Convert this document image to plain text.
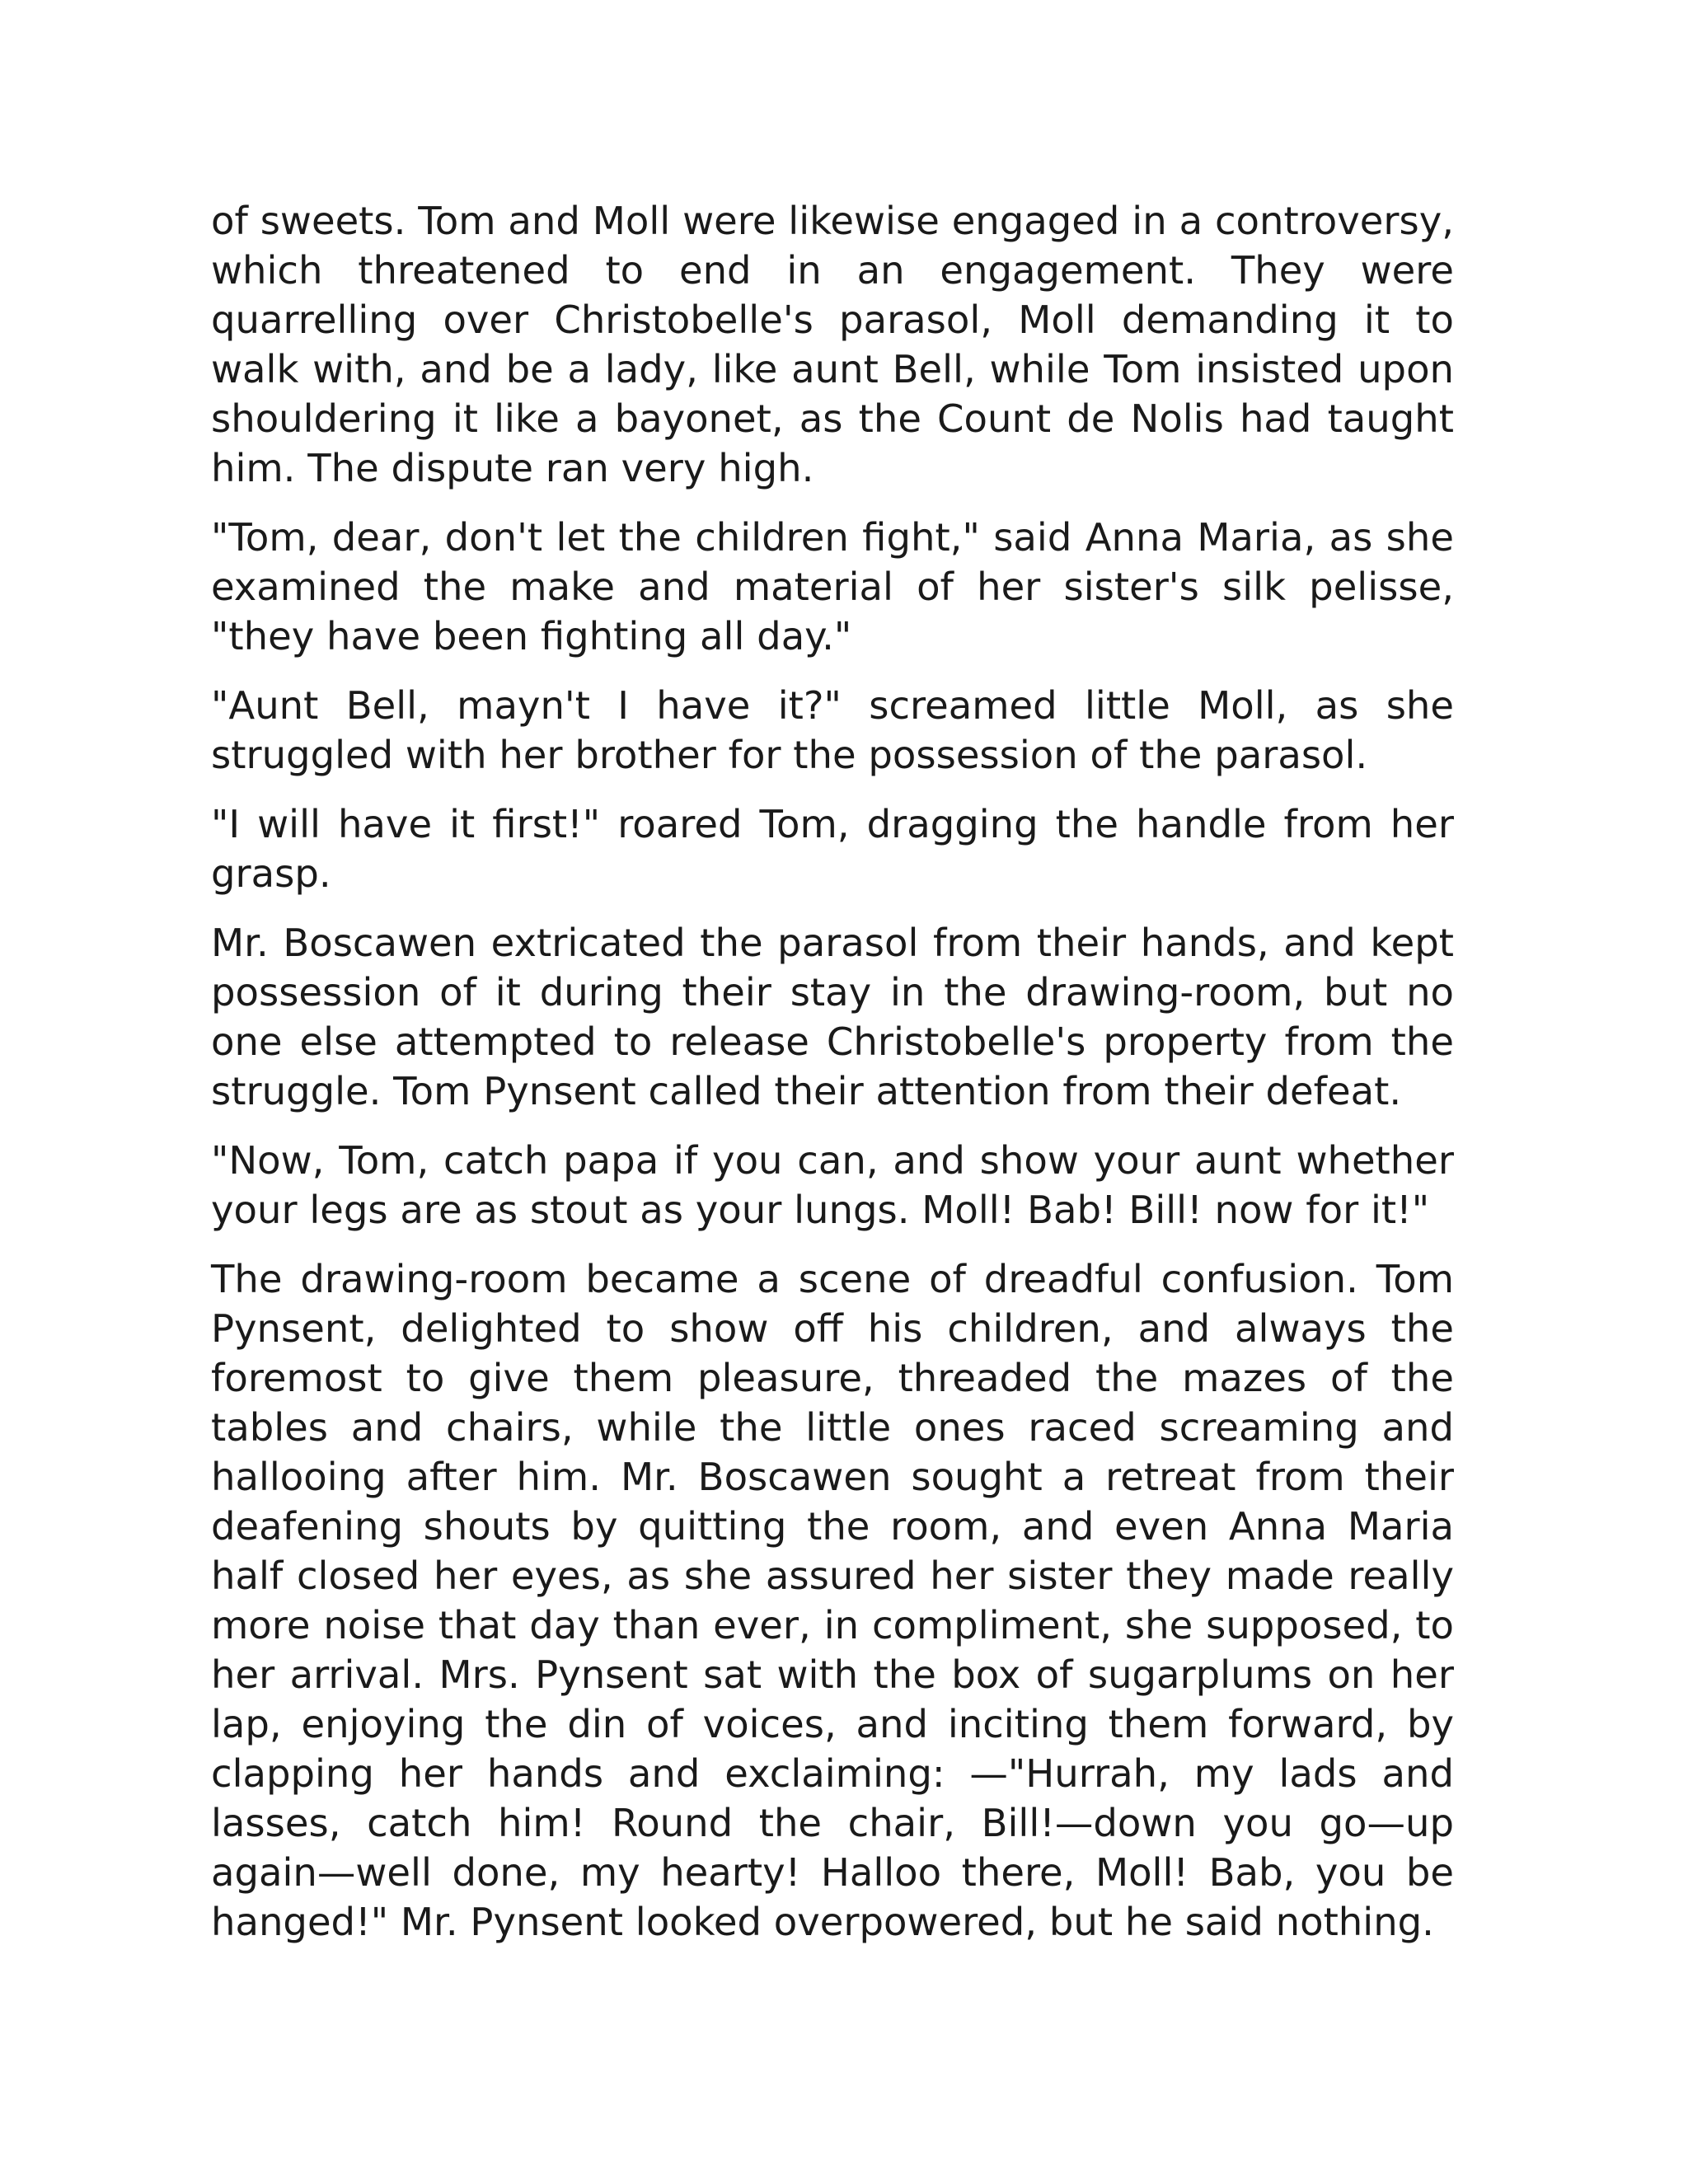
of sweets. Tom and Moll were likewise engaged in a controversy, which threatened to end in an engagement. They were quarrelling over Christobelle's parasol, Moll demanding it to walk with, and be a lady, like aunt Bell, while Tom insisted upon shouldering it like a bayonet, as the Count de Nolis had taught him. The dispute ran very high.

"Tom, dear, don't let the children fight," said Anna Maria, as she examined the make and material of her sister's silk pelisse, "they have been fighting all day."

"Aunt Bell, mayn't I have it?" screamed little Moll, as she struggled with her brother for the possession of the parasol.

"I will have it first!" roared Tom, dragging the handle from her grasp.

Mr. Boscawen extricated the parasol from their hands, and kept possession of it during their stay in the drawing-room, but no one else attempted to release Christobelle's property from the struggle. Tom Pynsent called their attention from their defeat.

"Now, Tom, catch papa if you can, and show your aunt whether your legs are as stout as your lungs. Moll! Bab! Bill! now for it!"

The drawing-room became a scene of dreadful confusion. Tom Pynsent, delighted to show off his children, and always the foremost to give them pleasure, threaded the mazes of the tables and chairs, while the little ones raced screaming and hallooing after him. Mr. Boscawen sought a retreat from their deafening shouts by quitting the room, and even Anna Maria half closed her eyes, as she assured her sister they made really more noise that day than ever, in compliment, she supposed, to her arrival. Mrs. Pynsent sat with the box of sugarplums on her lap, enjoying the din of voices, and inciting them forward, by clapping her hands and exclaiming: —"Hurrah, my lads and lasses, catch him! Round the chair, Bill!—down you go—up again—well done, my hearty! Halloo there, Moll! Bab, you be hanged!" Mr. Pynsent looked overpowered, but he said nothing.
